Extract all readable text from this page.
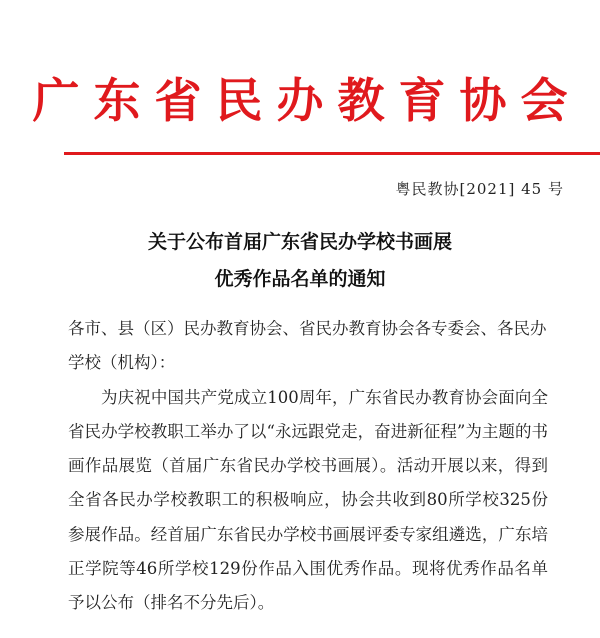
广东省民办教育协会
粤民教协[2021] 45 号
关于公布首届广东省民办学校书画展
优秀作品名单的通知

各市、县（区）民办教育协会、省民办教育协会各专委会、各民办学校（机构）：

为庆祝中国共产党成立100周年，广东省民办教育协会面向全省民办学校教职工举办了以“永远跟党走，奋进新征程”为主题的书画作品展览（首届广东省民办学校书画展）。活动开展以来，得到全省各民办学校教职工的积极响应，协会共收到80所学校325份参展作品。经首届广东省民办学校书画展评委专家组遴选，广东培正学院等46所学校129份作品入围优秀作品。现将优秀作品名单予以公布（排名不分先后）。
